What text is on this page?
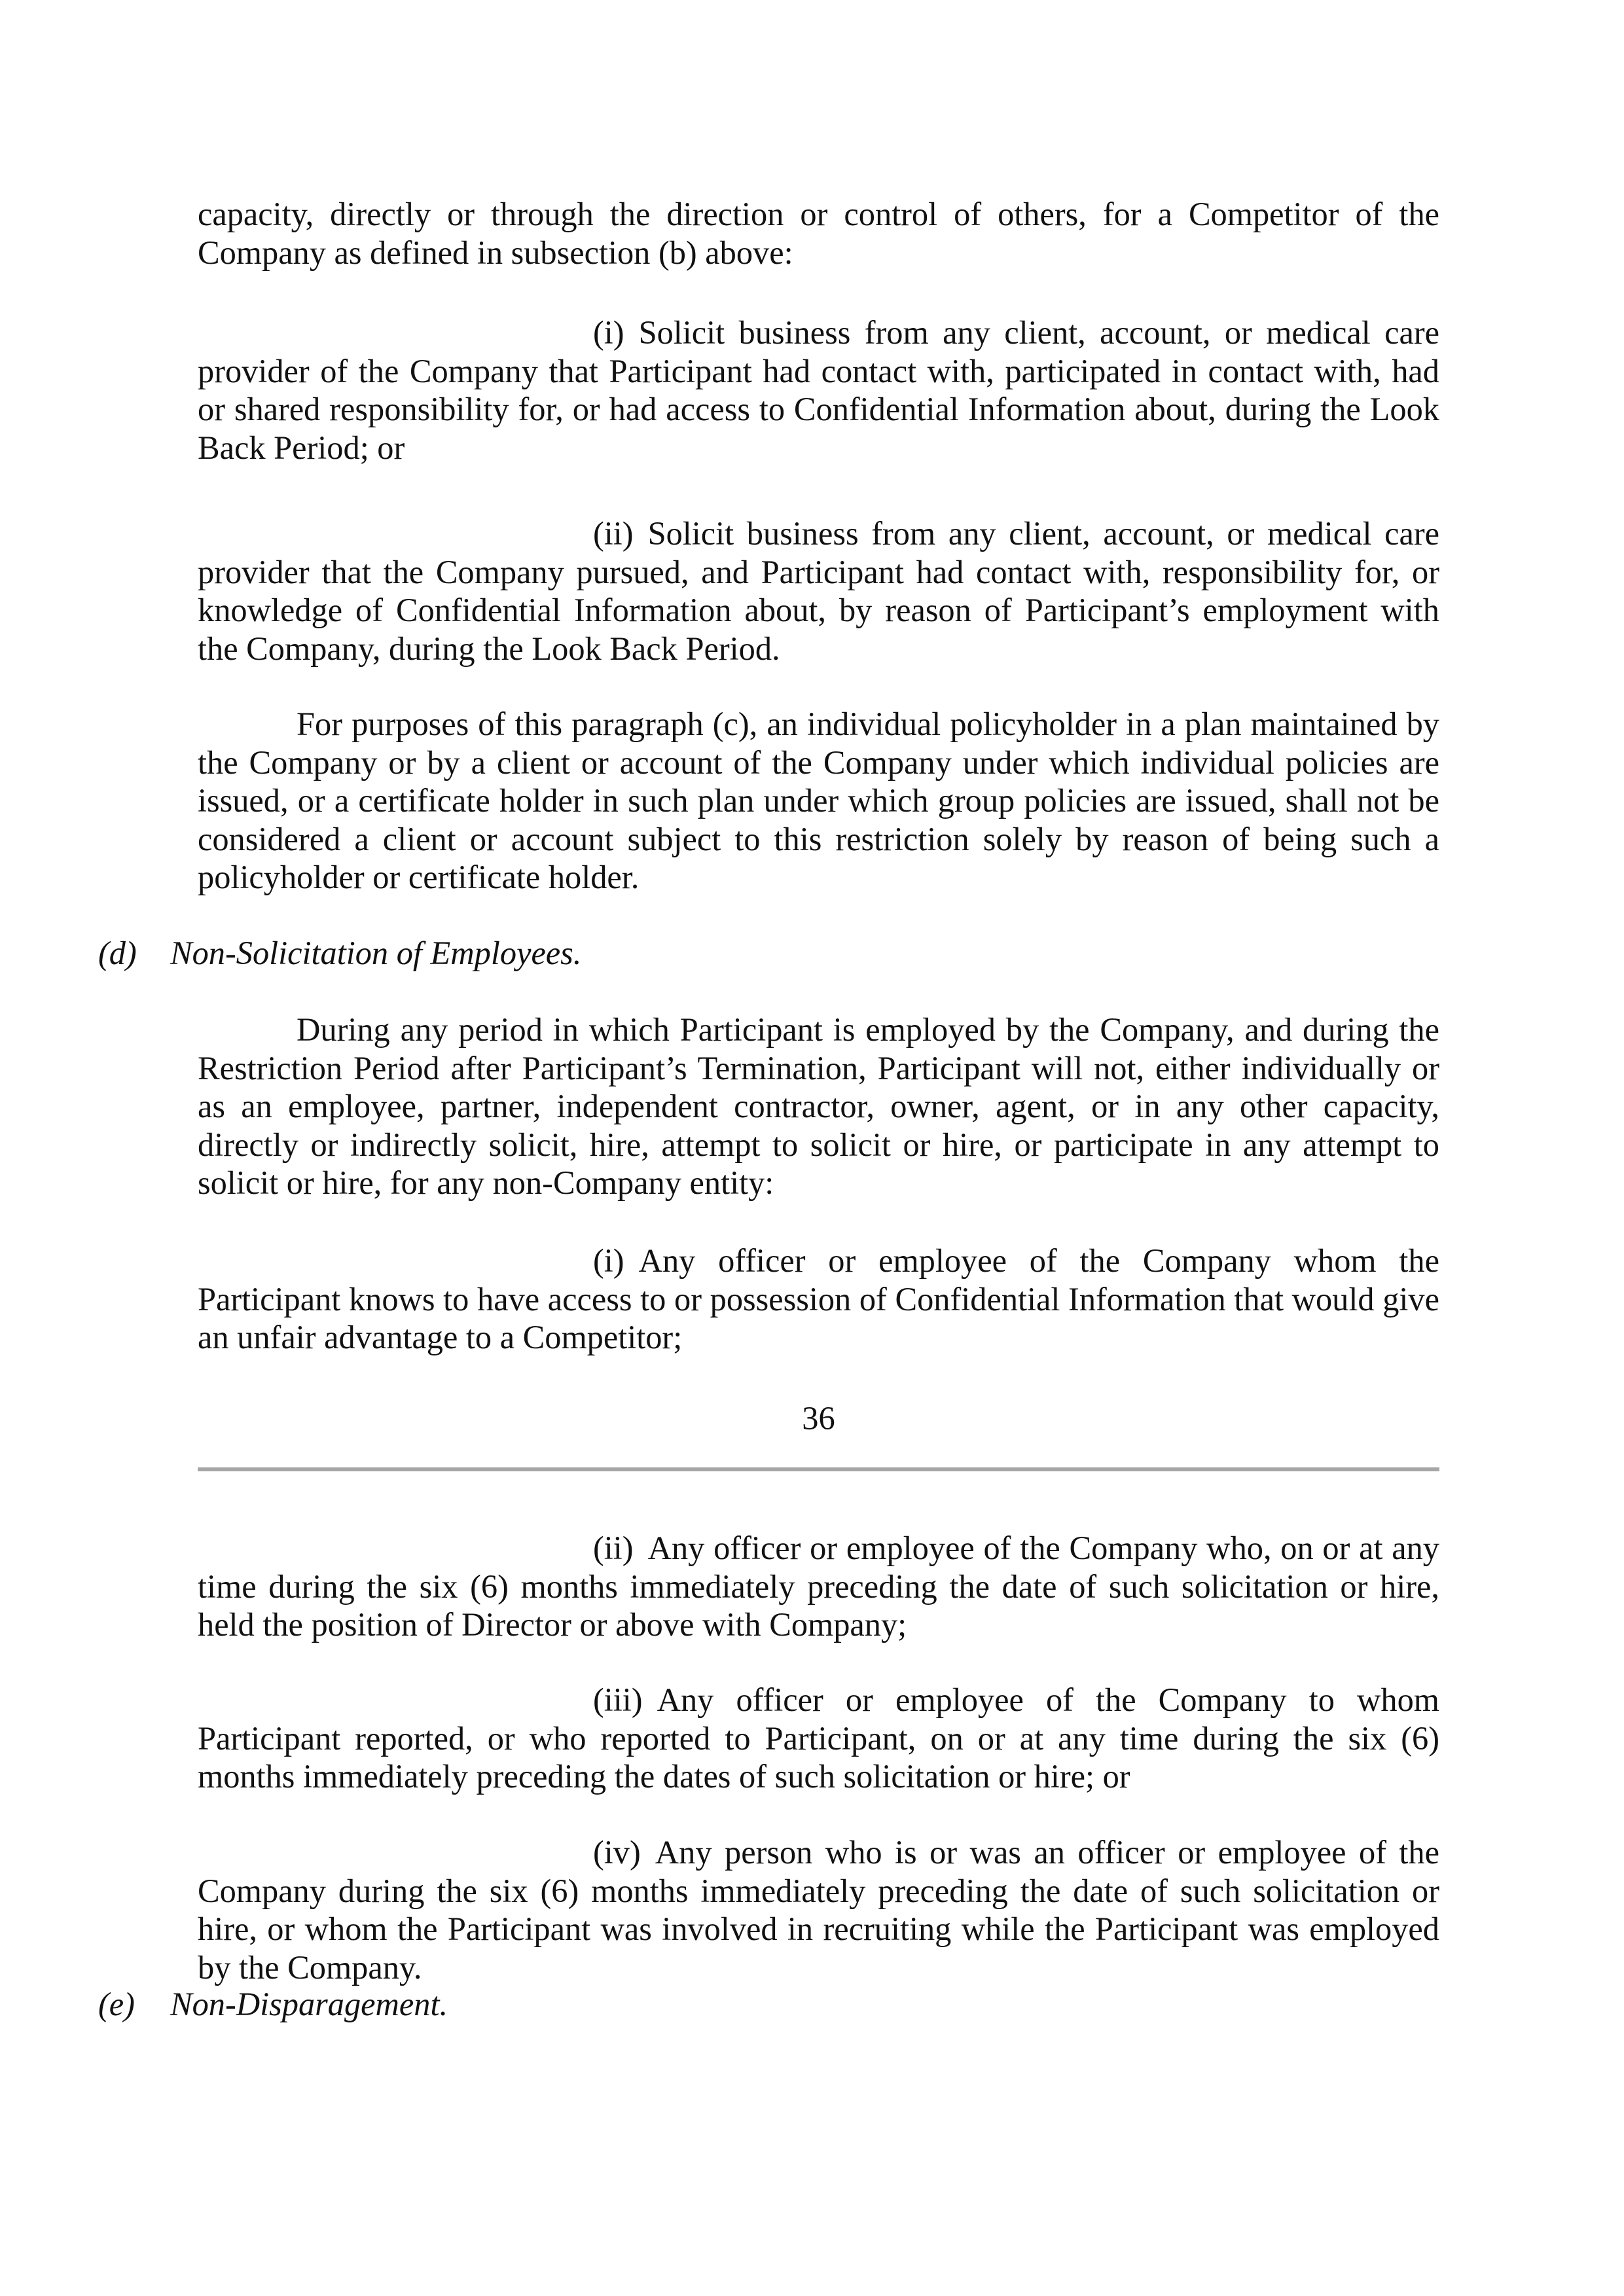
capacity, directly or through the direction or control of others, for a Competitor of the Company as defined in subsection (b) above:

(i) Solicit business from any client, account, or medical care provider of the Company that Participant had contact with, participated in contact with, had or shared responsibility for, or had access to Confidential Information about, during the Look Back Period; or

(ii) Solicit business from any client, account, or medical care provider that the Company pursued, and Participant had contact with, responsibility for, or knowledge of Confidential Information about, by reason of Participant’s employment with the Company, during the Look Back Period.

For purposes of this paragraph (c), an individual policyholder in a plan maintained by the Company or by a client or account of the Company under which individual policies are issued, or a certificate holder in such plan under which group policies are issued, shall not be considered a client or account subject to this restriction solely by reason of being such a policyholder or certificate holder.

(d) Non-Solicitation of Employees.

During any period in which Participant is employed by the Company, and during the Restriction Period after Participant’s Termination, Participant will not, either individually or as an employee, partner, independent contractor, owner, agent, or in any other capacity, directly or indirectly solicit, hire, attempt to solicit or hire, or participate in any attempt to solicit or hire, for any non-Company entity:

(i) Any officer or employee of the Company whom the Participant knows to have access to or possession of Confidential Information that would give an unfair advantage to a Competitor;

36

(ii) Any officer or employee of the Company who, on or at any time during the six (6) months immediately preceding the date of such solicitation or hire, held the position of Director or above with Company;

(iii) Any officer or employee of the Company to whom Participant reported, or who reported to Participant, on or at any time during the six (6) months immediately preceding the dates of such solicitation or hire; or

(iv) Any person who is or was an officer or employee of the Company during the six (6) months immediately preceding the date of such solicitation or hire, or whom the Participant was involved in recruiting while the Participant was employed by the Company.

(e) Non-Disparagement.
